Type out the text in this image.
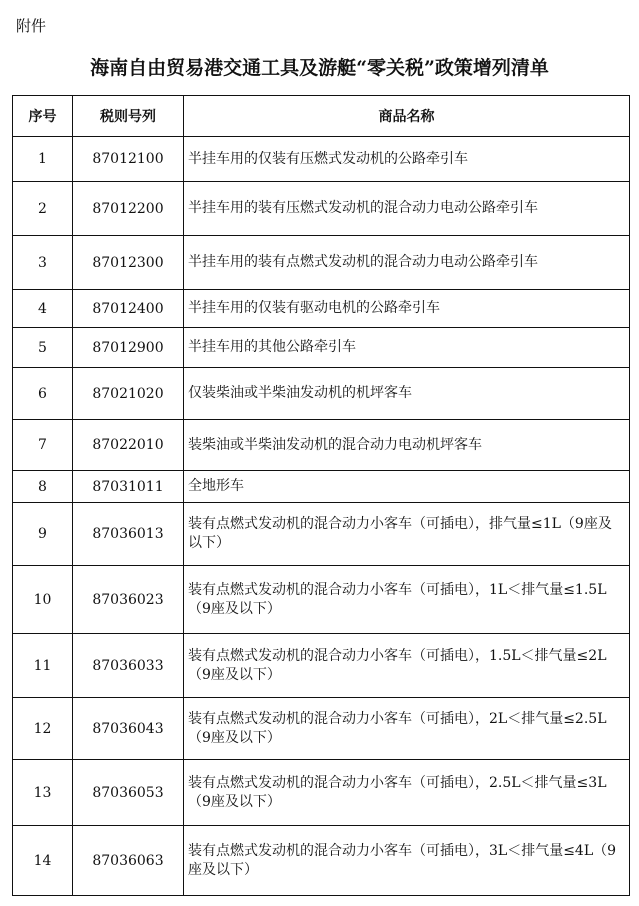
附件
海南自由贸易港交通工具及游艇“零关税”政策增列清单
序号	税则号列	商品名称
1	87012100	半挂车用的仅装有压燃式发动机的公路牵引车
2	87012200	半挂车用的装有压燃式发动机的混合动力电动公路牵引车
3	87012300	半挂车用的装有点燃式发动机的混合动力电动公路牵引车
4	87012400	半挂车用的仅装有驱动电机的公路牵引车
5	87012900	半挂车用的其他公路牵引车
6	87021020	仅装柴油或半柴油发动机的机坪客车
7	87022010	装柴油或半柴油发动机的混合动力电动机坪客车
8	87031011	全地形车
9	87036013	装有点燃式发动机的混合动力小客车（可插电），排气量≤1L（9座及以下）
10	87036023	装有点燃式发动机的混合动力小客车（可插电），1L＜排气量≤1.5L（9座及以下）
11	87036033	装有点燃式发动机的混合动力小客车（可插电），1.5L＜排气量≤2L（9座及以下）
12	87036043	装有点燃式发动机的混合动力小客车（可插电），2L＜排气量≤2.5L（9座及以下）
13	87036053	装有点燃式发动机的混合动力小客车（可插电），2.5L＜排气量≤3L（9座及以下）
14	87036063	装有点燃式发动机的混合动力小客车（可插电），3L＜排气量≤4L（9座及以下）
